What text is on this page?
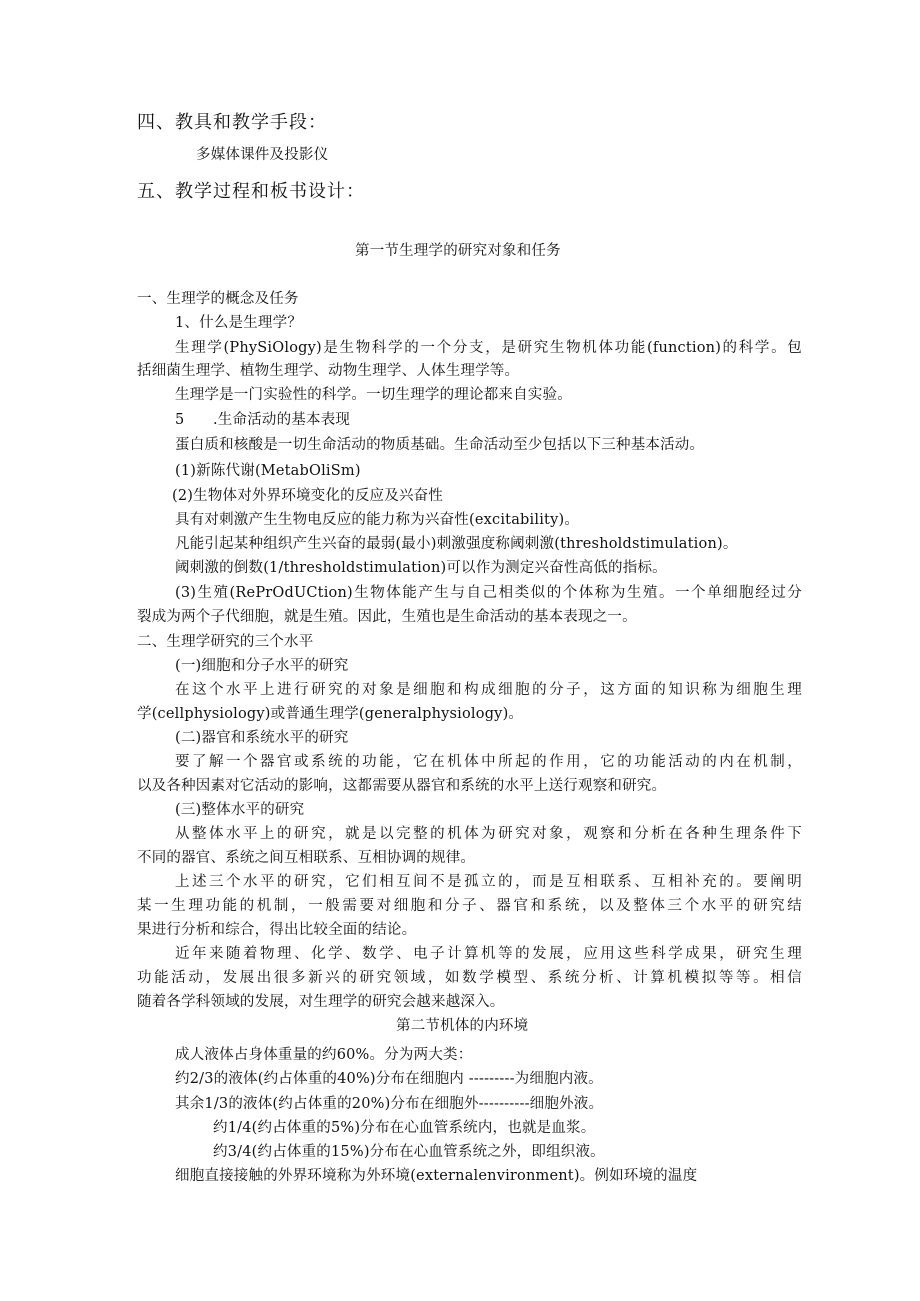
四、教具和教学手段：
多媒体课件及投影仪
五、教学过程和板书设计：
第一节生理学的研究对象和任务
一、生理学的概念及任务
1、什么是生理学？
生理学(PhySiOlogy)是生物科学的一个分支，是研究生物机体功能(function)的科学。包
括细菌生理学、植物生理学、动物生理学、人体生理学等。
生理学是一门实验性的科学。一切生理学的理论都来自实验。
5 .生命活动的基本表现
蛋白质和核酸是一切生命活动的物质基础。生命活动至少包括以下三种基本活动。
(1)新陈代谢(MetabOliSm)
(2)生物体对外界环境变化的反应及兴奋性
具有对刺激产生生物电反应的能力称为兴奋性(excitability)。
凡能引起某种组织产生兴奋的最弱(最小)刺激强度称阈刺激(thresholdstimulation)。
阈刺激的倒数(1/thresholdstimulation)可以作为测定兴奋性高低的指标。
(3)生殖(RePrOdUCtion)生物体能产生与自己相类似的个体称为生殖。一个单细胞经过分
裂成为两个子代细胞，就是生殖。因此，生殖也是生命活动的基本表现之一。
二、生理学研究的三个水平
(一)细胞和分子水平的研究
在这个水平上进行研究的对象是细胞和构成细胞的分子，这方面的知识称为细胞生理
学(cellphysiology)或普通生理学(generalphysiology)。
(二)器官和系统水平的研究
要了解一个器官或系统的功能，它在机体中所起的作用，它的功能活动的内在机制，
以及各种因素对它活动的影响，这都需要从器官和系统的水平上送行观察和研究。
(三)整体水平的研究
从整体水平上的研究，就是以完整的机体为研究对象，观察和分析在各种生理条件下
不同的器官、系统之间互相联系、互相协调的规律。
上述三个水平的研究，它们相互间不是孤立的，而是互相联系、互相补充的。要阐明
某一生理功能的机制，一般需要对细胞和分子、器官和系统，以及整体三个水平的研究结
果进行分析和综合，得出比较全面的结论。
近年来随着物理、化学、数学、电子计算机等的发展，应用这些科学成果，研究生理
功能活动，发展出很多新兴的研究领域，如数学模型、系统分析、计算机模拟等等。相信
随着各学科领域的发展，对生理学的研究会越来越深入。
第二节机体的内环境
成人液体占身体重量的约60%。分为两大类：
约2/3的液体(约占体重的40%)分布在细胞内 ---------为细胞内液。
其余1/3的液体(约占体重的20%)分布在细胞外----------细胞外液。
约1/4(约占体重的5%)分布在心血管系统内，也就是血浆。
约3/4(约占体重的15%)分布在心血管系统之外，即组织液。
细胞直接接触的外界环境称为外环境(externalenvironment)。例如环境的温度
